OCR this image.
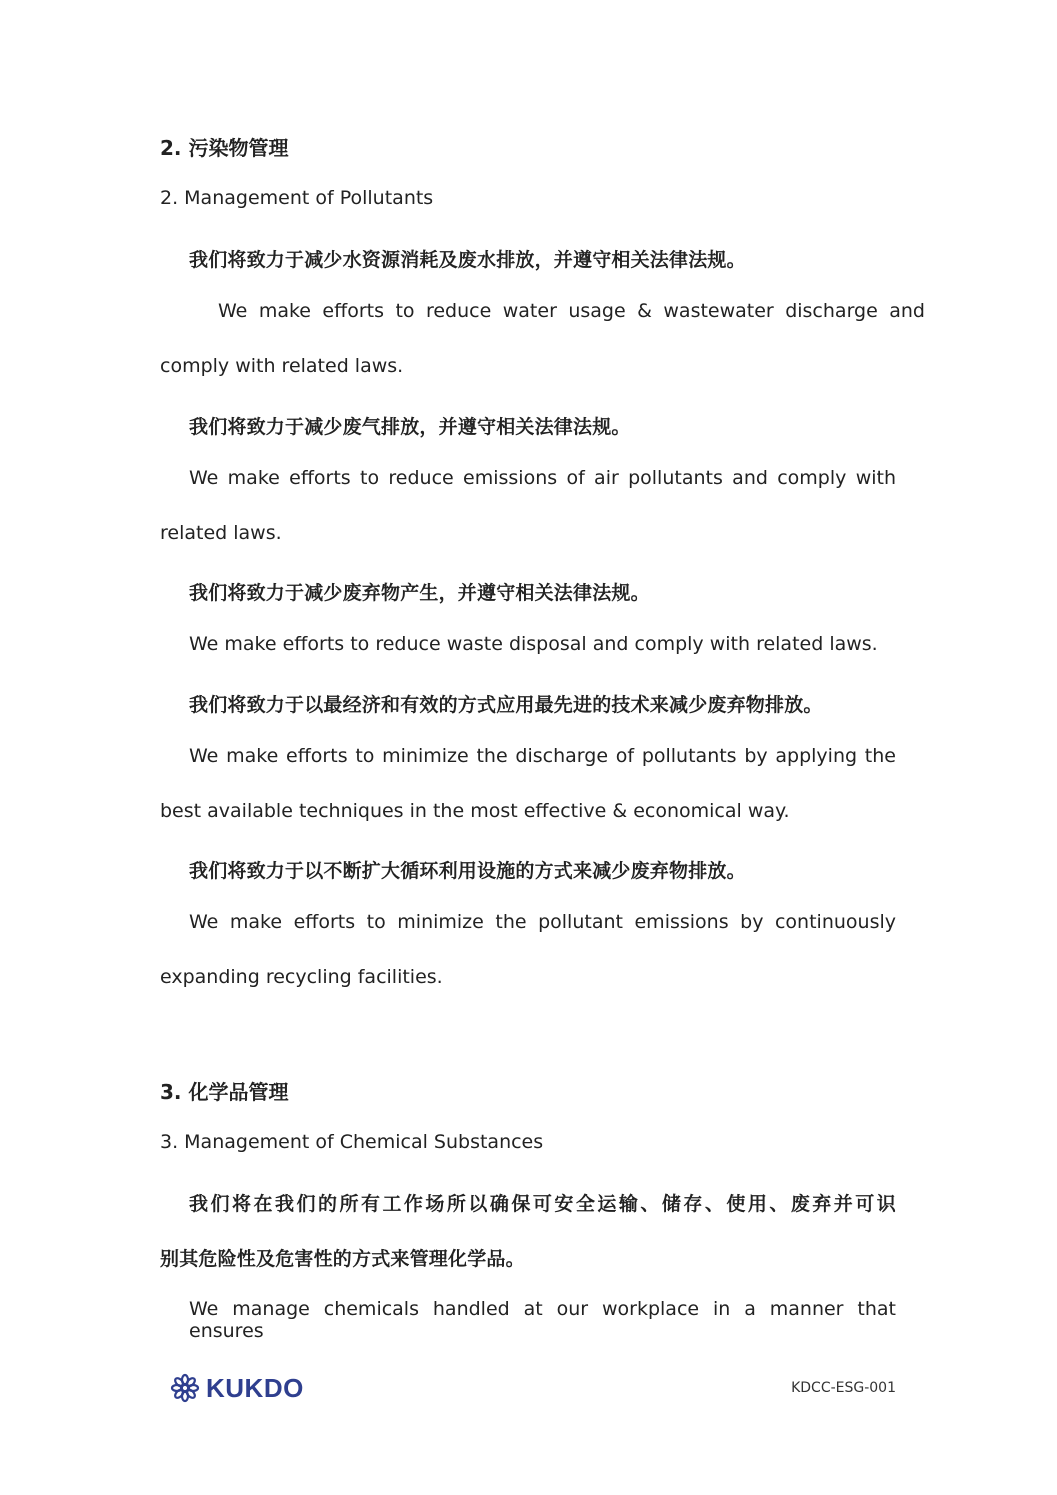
2. 污染物管理
2. Management of Pollutants
我们将致力于减少水资源消耗及废水排放，并遵守相关法律法规。
We make efforts to reduce water usage & wastewater discharge and
comply with related laws.
我们将致力于减少废气排放，并遵守相关法律法规。
We make efforts to reduce emissions of air pollutants and comply with
related laws.
我们将致力于减少废弃物产生，并遵守相关法律法规。
We make efforts to reduce waste disposal and comply with related laws.
我们将致力于以最经济和有效的方式应用最先进的技术来减少废弃物排放。
We make efforts to minimize the discharge of pollutants by applying the
best available techniques in the most effective & economical way.
我们将致力于以不断扩大循环利用设施的方式来减少废弃物排放。
We make efforts to minimize the pollutant emissions by continuously
expanding recycling facilities.
3. 化学品管理
3. Management of Chemical Substances
我们将在我们的所有工作场所以确保可安全运输、储存、使用、废弃并可识
别其危险性及危害性的方式来管理化学品。
We manage chemicals handled at our workplace in a manner that ensures
KUKDO	KDCC-ESG-001
